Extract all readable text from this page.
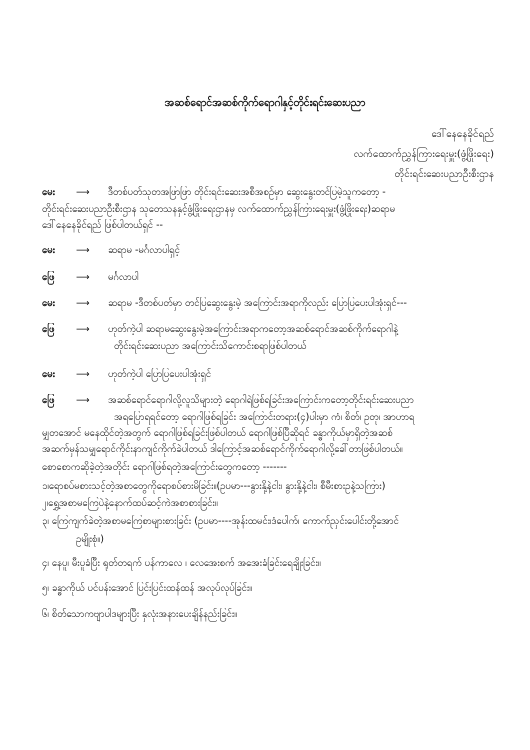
အဆစ်ရောင်အဆစ်ကိုက်ရောဂါနှင့်တိုင်းရင်းဆေးပညာ
ဒေါ်နေနေခိုင်ရည်
လက်ထောက်ညွှန်ကြားရေးမှူး(ဖွံ့ဖြိုးရေး)
တိုင်းရင်းဆေးပညာဦးစီးဌာန
မေး ⟶ ဒီတစ်ပတ်သုတအဖြာဖြာ တိုင်းရင်းဆေးအစီအစဉ်မှာ ဆွေးနွေးတင်ပြမဲ့သူကတော့ -
တိုင်းရင်းဆေးပညာဦးစီးဌာန သုတေသနနှင့်ဖွံ့ဖြိုးရေးဌာနမှ လက်ထောက်ညွှန်ကြားရေးမှူး(ဖွံ့ဖြိုးရေး)ဆရာမ
ဒေါ်နေနေခိုင်ရည် ဖြစ်ပါတယ်ရှင် --
မေး ⟶ ဆရာမ -မင်္ဂလာပါရှင့်
ဖြေ ⟶ မင်္ဂလာပါ
မေး ⟶ ဆရာမ -ဒီတစ်ပတ်မှာ တင်ပြဆွေးနွေးမဲ့ အကြောင်းအရာကိုလည်း ပြောပြပေးပါအုံးရှင်---
ဖြေ ⟶ ဟုတ်ကဲ့ပါ ဆရာမဆွေးနွေးမဲ့အကြောင်းအရာကတော့အဆစ်ရောင်အဆစ်ကိုက်ရောဂါနဲ့
တိုင်းရင်းဆေးပညာ အကြောင်းသိကောင်းစရာဖြစ်ပါတယ်
မေး ⟶ ဟုတ်ကဲ့ပါ ပြောပြပေးပါအုံးရှင်
ဖြေ ⟶ အဆစ်ရောင်ရောဂါလို့လူသိများတဲ့ ရောဂါရဲဖြစ်ရခြင်းအကြောင်းကတော့တိုင်းရင်းဆေးပညာ
အရပြောရရင်တော့ ရောဂါဖြစ်ရခြင်း အကြောင်းတရား(၄)ပါးမှာ ကံ၊ စိတ်၊ ဥတု၊ အာဟာရ
မျှတအောင် မနေထိုင်တဲ့အတွက် ရောဂါဖြစ်ရခြင်းဖြစ်ပါတယ် ရောဂါဖြစ်ပြီဆိုရင် ခန္ဓာကိုယ်မှာရှိတဲ့အဆစ်
အဆက်မှန်သမျှရောင်ကိုင်းနာကျင်ကိုက်ခဲပါတယ် ဒါကြောင့်အဆစ်ရောင်ကိုက်ရောဂါလို့ခေါ်တာဖြစ်ပါတယ်။
စောစောကဆိုခဲ့တဲ့အတိုင်း ရောဂါဖြစ်ရတဲ့အကြောင်းတွေကတော့ -------
၁၊ရောစပ်မစားသင့်တဲ့အစာတွေကိုရောစပ်စားမိခြင်း။(ဥပမာ---နွားနို့နဲ့ငါး၊ နွားနို့နဲ့ငါး၊ စီမီးစားဥနဲ့သကြား)
၂၊ရွှေ့အစာမကြေပဲနဲ့နောက်ထပ်ဆင့်ကဲအစာစားခြင်း။
၃၊ ကြေကျက်ခဲတဲ့အစာမကြေစာများစားခြင်း (ဥပမာ----အုန်းထမင်း၊ဒံပေါက်၊ ကောက်ညှင်းပေါင်းတို့အောင်
ဥမျိုးစုံ။)
၄၊ နေပူ၊ မီးပူခံပြီး ရုတ်တရက် ပန်ကာလေ ၊ လေအေးစက် အအေးခံခြင်းရေချိုးခြင်း။
၅၊ ခန္ဓာကိုယ် ပင်ပန်းအောင် ပြင်းပြင်းထန်ထန် အလုပ်လုပ်ခြင်း။
၆၊ စိတ်သောကဗျာပါဒများပြီး နှလုံးအနားပေးချိန်နည်းခြင်း။
